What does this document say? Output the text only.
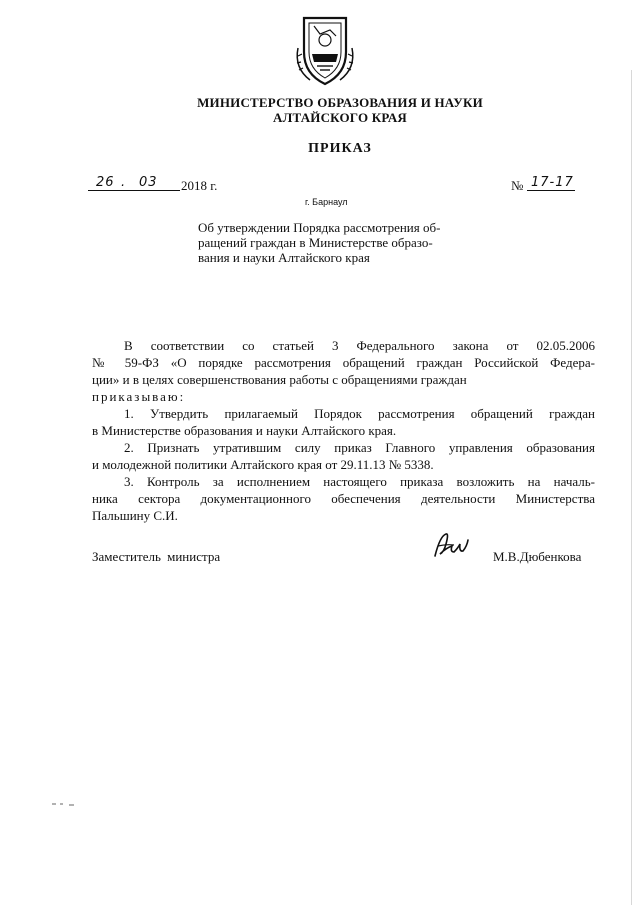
МИНИСТЕРСТВО ОБРАЗОВАНИЯ И НАУКИ
АЛТАЙСКОГО КРАЯ
ПРИКАЗ
26 . 03 2018 г.	№ 17-17
г. Барнаул
Об утверждении Порядка рассмотрения об-
ращений граждан в Министерстве образо-
вания и науки Алтайского края
В соответствии со статьей 3 Федерального закона от 02.05.2006
№ 59-ФЗ «О порядке рассмотрения обращений граждан Российской Федера-
ции» и в целях совершенствования работы с обращениями граждан
приказываю:
1. Утвердить прилагаемый Порядок рассмотрения обращений граждан
в Министерстве образования и науки Алтайского края.
2. Признать утратившим силу приказ Главного управления образования
и молодежной политики Алтайского края от 29.11.13 № 5338.
3. Контроль за исполнением настоящего приказа возложить на началь-
ника сектора документационного обеспечения деятельности Министерства
Пальшину С.И.
Заместитель министра	М.В.Дюбенкова
